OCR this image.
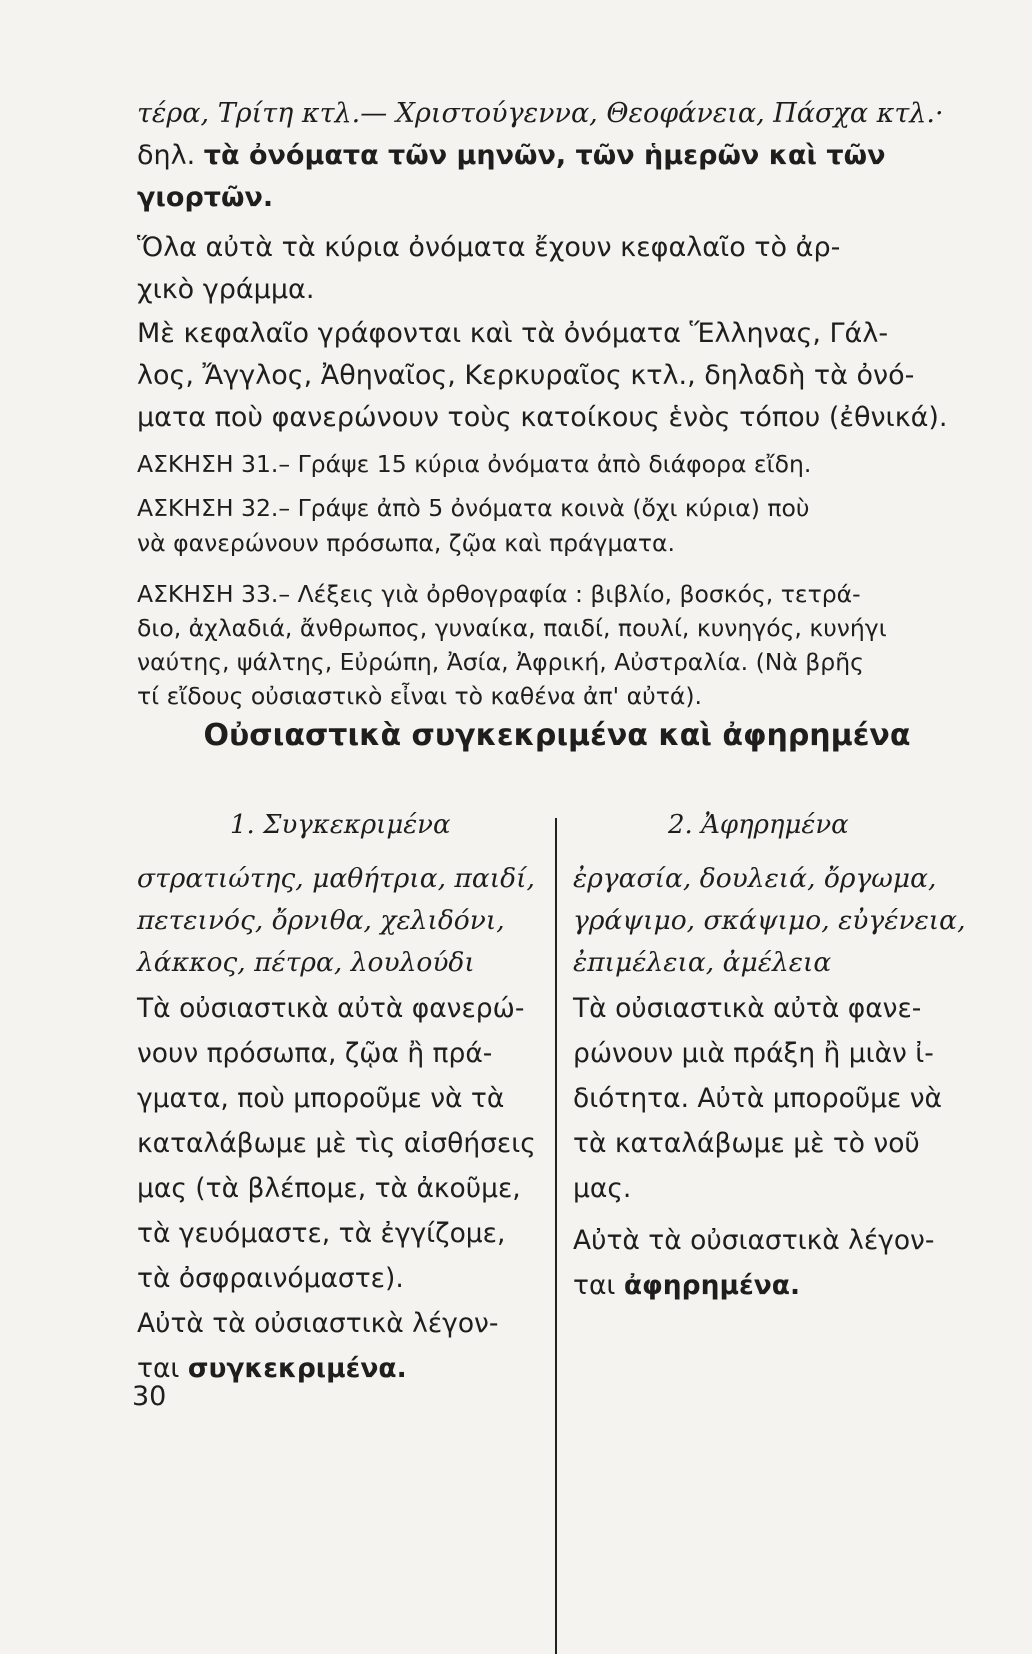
τέρα, Τρίτη κτλ.— Χριστούγεννα, Θεοφάνεια, Πάσχα κτλ.·
δηλ. τὰ ὀνόματα τῶν μηνῶν, τῶν ἡμερῶν καὶ τῶν
γιορτῶν.
Ὅλα αὐτὰ τὰ κύρια ὀνόματα ἔχουν κεφαλαῖο τὸ ἀρ-
χικὸ γράμμα.
Μὲ κεφαλαῖο γράφονται καὶ τὰ ὀνόματα Ἕλληνας, Γάλ-
λος, Ἄγγλος, Ἀθηναῖος, Κερκυραῖος κτλ., δηλαδὴ τὰ ὀνό-
ματα ποὺ φανερώνουν τοὺς κατοίκους ἑνὸς τόπου (ἐθνικά).
ΑΣΚΗΣΗ 31.– Γράψε 15 κύρια ὀνόματα ἀπὸ διάφορα εἴδη.
ΑΣΚΗΣΗ 32.– Γράψε ἀπὸ 5 ὀνόματα κοινὰ (ὄχι κύρια) ποὺ
νὰ φανερώνουν πρόσωπα, ζῷα καὶ πράγματα.
ΑΣΚΗΣΗ 33.– Λέξεις γιὰ ὀρθογραφία : βιβλίο, βοσκός, τετρά-
διο, ἀχλαδιά, ἄνθρωπος, γυναίκα, παιδί, πουλί, κυνηγός, κυνήγι
ναύτης, ψάλτης, Εὐρώπη, Ἀσία, Ἀφρική, Αὐστραλία. (Νὰ βρῆς
τί εἴδους οὐσιαστικὸ εἶναι τὸ καθένα ἀπ' αὐτά).
Οὐσιαστικὰ συγκεκριμένα καὶ ἀφηρημένα
1. Συγκεκριμένα
στρατιώτης, μαθήτρια, παιδί,
πετεινός, ὄρνιθα, χελιδόνι,
λάκκος, πέτρα, λουλούδι
Τὰ οὐσιαστικὰ αὐτὰ φανερώ-
νουν πρόσωπα, ζῷα ἢ πρά-
γματα, ποὺ μποροῦμε νὰ τὰ
καταλάβωμε μὲ τὶς αἰσθήσεις
μας (τὰ βλέπομε, τὰ ἀκοῦμε,
τὰ γευόμαστε, τὰ ἐγγίζομε,
τὰ ὀσφραινόμαστε).
Αὐτὰ τὰ οὐσιαστικὰ λέγον-
ται συγκεκριμένα.
2. Ἀφηρημένα
ἐργασία, δουλειά, ὄργωμα,
γράψιμο, σκάψιμο, εὐγένεια,
ἐπιμέλεια, ἀμέλεια
Τὰ οὐσιαστικὰ αὐτὰ φανε-
ρώνουν μιὰ πράξη ἢ μιὰν ἰ-
διότητα. Αὐτὰ μποροῦμε νὰ
τὰ καταλάβωμε μὲ τὸ νοῦ
μας.
Αὐτὰ τὰ οὐσιαστικὰ λέγον-
ται ἀφηρημένα.
30
